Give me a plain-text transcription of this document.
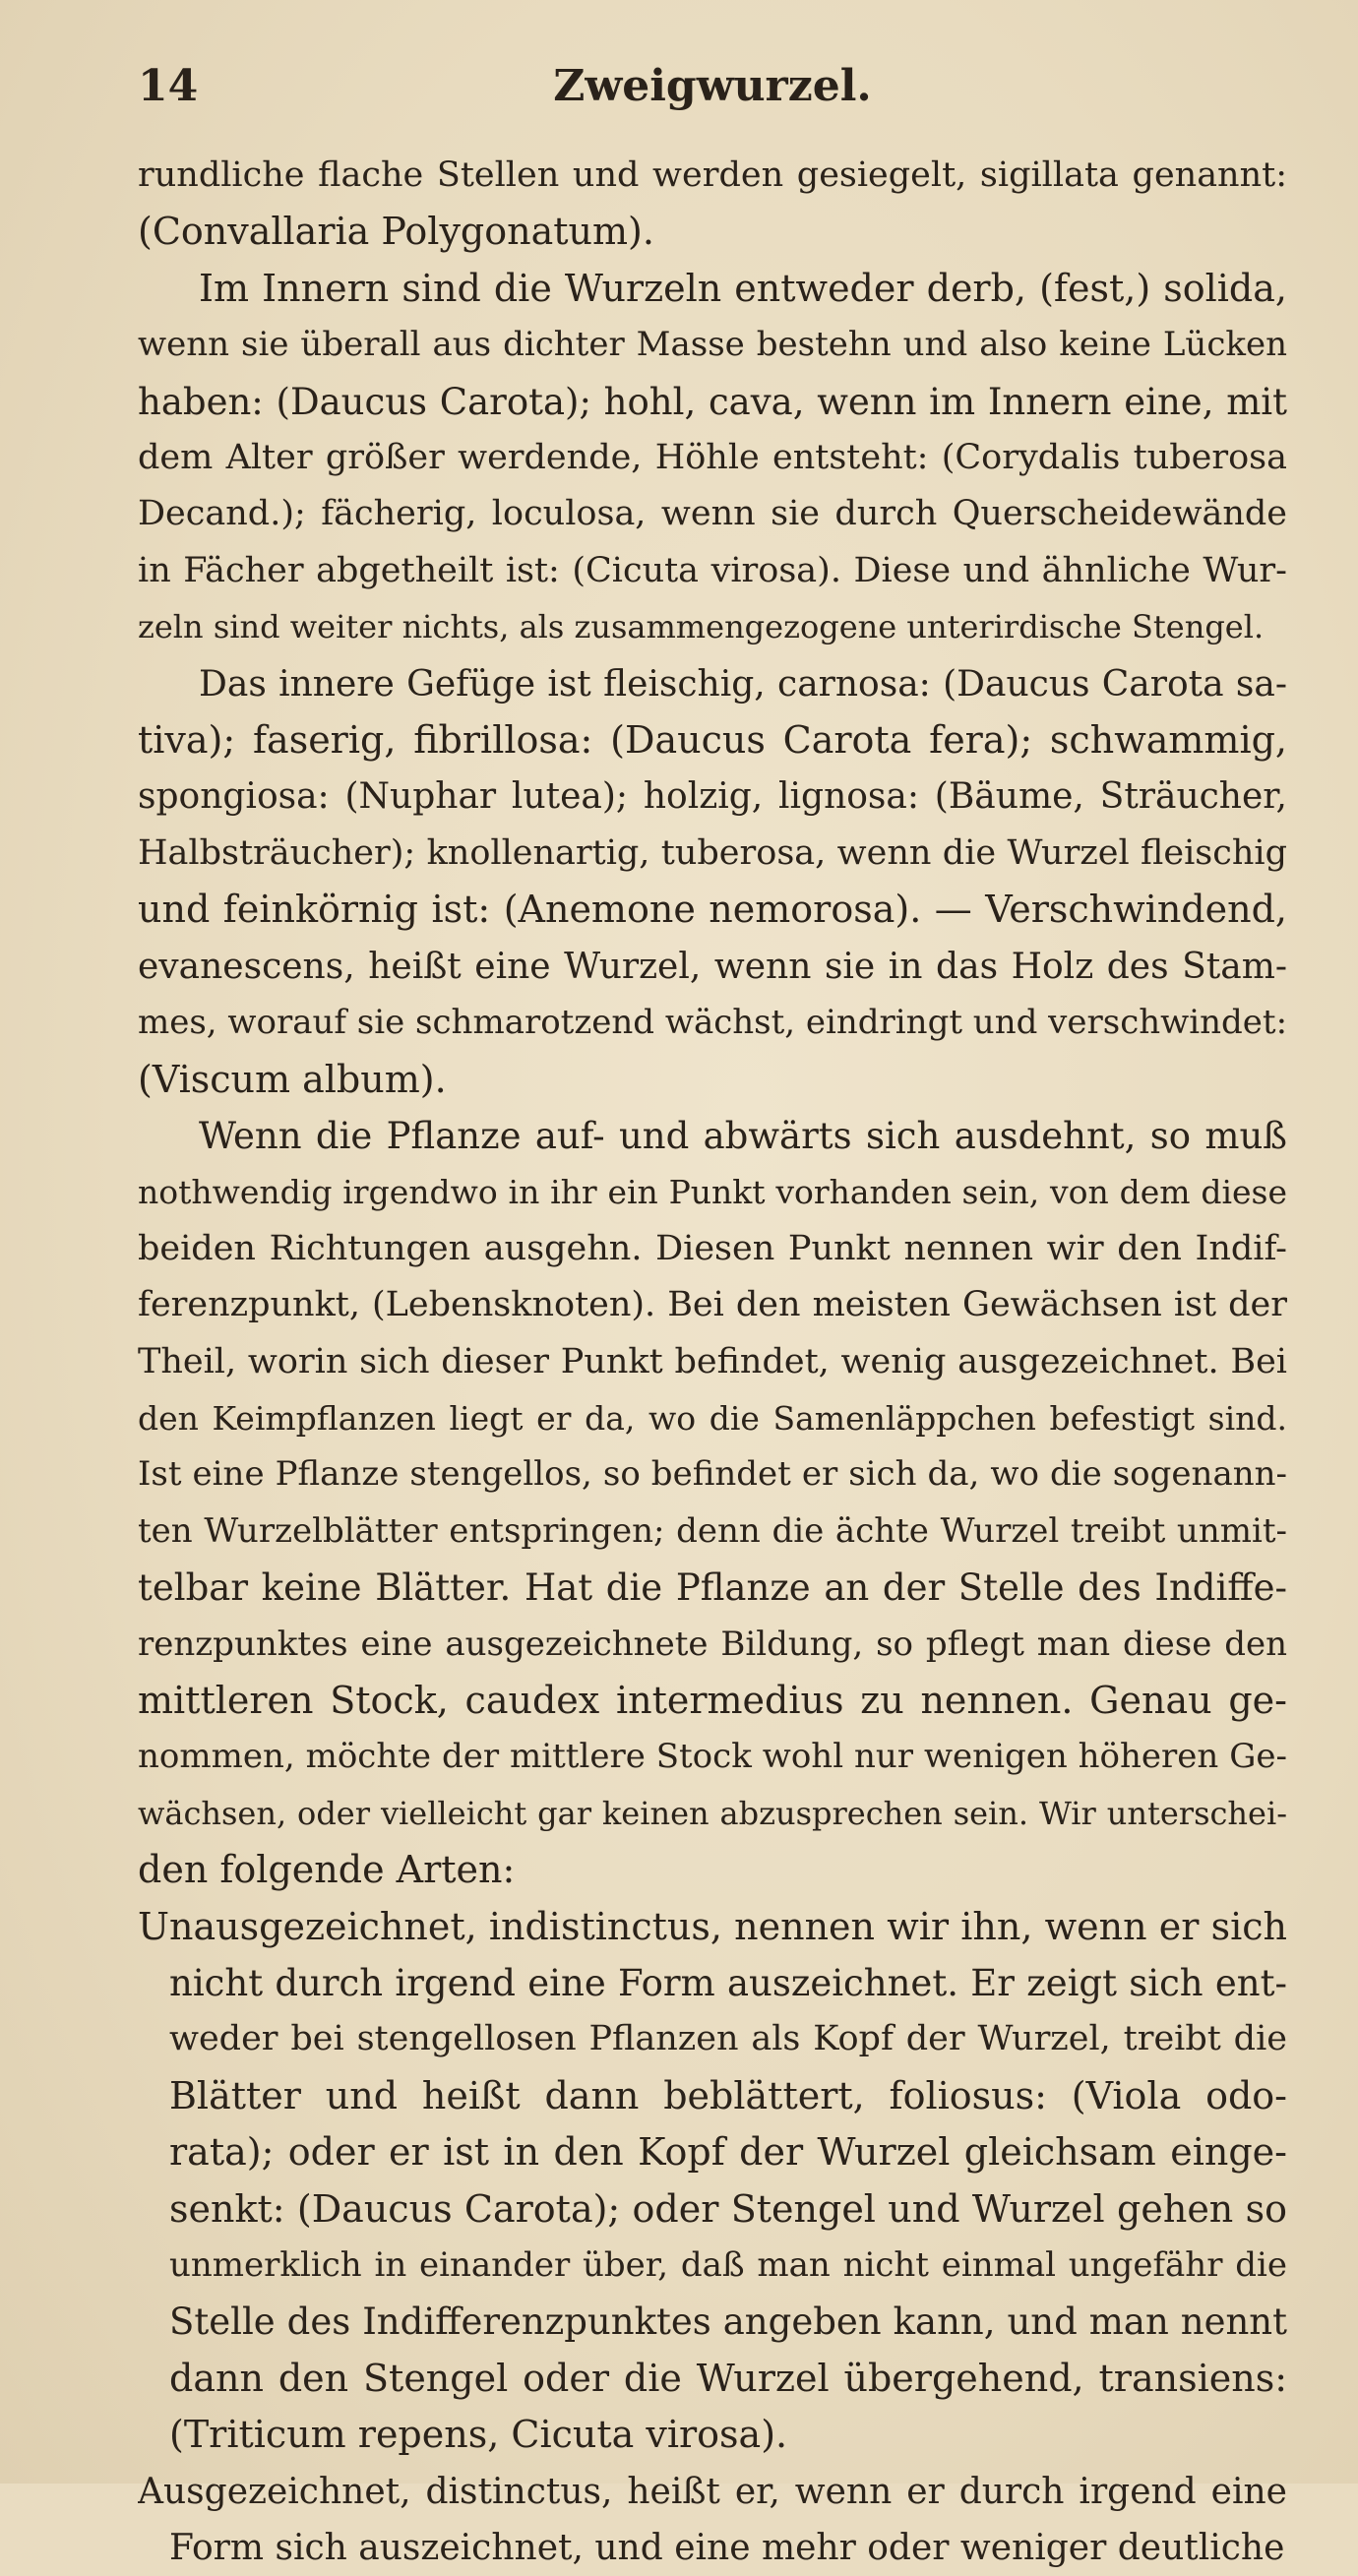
14	Zweigwurzel.

rundliche flache Stellen und werden gesiegelt, sigillata genannt:
(Convallaria Polygonatum).

Im Innern sind die Wurzeln entweder derb, (fest,) solida,
wenn sie überall aus dichter Masse bestehn und also keine Lücken
haben: (Daucus Carota); hohl, cava, wenn im Innern eine, mit
dem Alter größer werdende, Höhle entsteht: (Corydalis tuberosa
Decand.); fächerig, loculosa, wenn sie durch Querscheidewände
in Fächer abgetheilt ist: (Cicuta virosa). Diese und ähnliche Wur-
zeln sind weiter nichts, als zusammengezogene unterirdische Stengel.

Das innere Gefüge ist fleischig, carnosa: (Daucus Carota sa-
tiva); faserig, fibrillosa: (Daucus Carota fera); schwammig,
spongiosa: (Nuphar lutea); holzig, lignosa: (Bäume, Sträucher,
Halbsträucher); knollenartig, tuberosa, wenn die Wurzel fleischig
und feinkörnig ist: (Anemone nemorosa). — Verschwindend,
evanescens, heißt eine Wurzel, wenn sie in das Holz des Stam-
mes, worauf sie schmarotzend wächst, eindringt und verschwindet:
(Viscum album).

Wenn die Pflanze auf- und abwärts sich ausdehnt, so muß
nothwendig irgendwo in ihr ein Punkt vorhanden sein, von dem diese
beiden Richtungen ausgehn. Diesen Punkt nennen wir den Indif-
ferenzpunkt, (Lebensknoten). Bei den meisten Gewächsen ist der
Theil, worin sich dieser Punkt befindet, wenig ausgezeichnet. Bei
den Keimpflanzen liegt er da, wo die Samenläppchen befestigt sind.
Ist eine Pflanze stengellos, so befindet er sich da, wo die sogenann-
ten Wurzelblätter entspringen; denn die ächte Wurzel treibt unmit-
telbar keine Blätter. Hat die Pflanze an der Stelle des Indiffe-
renzpunktes eine ausgezeichnete Bildung, so pflegt man diese den
mittleren Stock, caudex intermedius zu nennen. Genau ge-
nommen, möchte der mittlere Stock wohl nur wenigen höheren Ge-
wächsen, oder vielleicht gar keinen abzusprechen sein. Wir unterschei-
den folgende Arten:

Unausgezeichnet, indistinctus, nennen wir ihn, wenn er sich
nicht durch irgend eine Form auszeichnet. Er zeigt sich ent-
weder bei stengellosen Pflanzen als Kopf der Wurzel, treibt die
Blätter und heißt dann beblättert, foliosus: (Viola odo-
rata); oder er ist in den Kopf der Wurzel gleichsam einge-
senkt: (Daucus Carota); oder Stengel und Wurzel gehen so
unmerklich in einander über, daß man nicht einmal ungefähr die
Stelle des Indifferenzpunktes angeben kann, und man nennt
dann den Stengel oder die Wurzel übergehend, transiens:
(Triticum repens, Cicuta virosa).

Ausgezeichnet, distinctus, heißt er, wenn er durch irgend eine
Form sich auszeichnet, und eine mehr oder weniger deutliche
